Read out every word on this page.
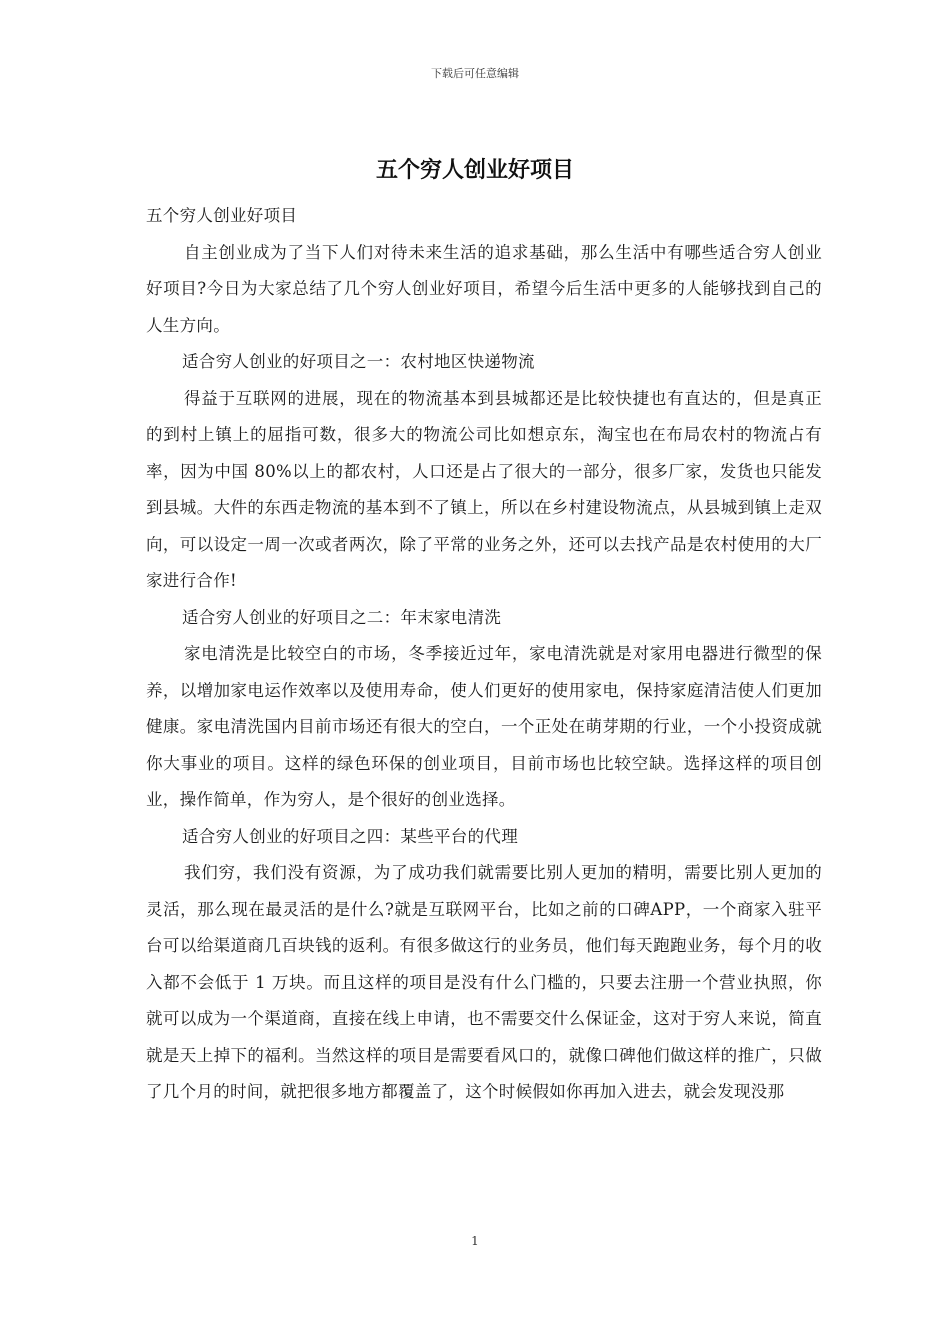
下载后可任意编辑
五个穷人创业好项目

五个穷人创业好项目

自主创业成为了当下人们对待未来生活的追求基础，那么生活中有哪些适合穷人创业好项目?今日为大家总结了几个穷人创业好项目，希望今后生活中更多的人能够找到自己的人生方向。

适合穷人创业的好项目之一：农村地区快递物流

得益于互联网的进展，现在的物流基本到县城都还是比较快捷也有直达的，但是真正的到村上镇上的屈指可数，很多大的物流公司比如想京东，淘宝也在布局农村的物流占有率，因为中国 80%以上的都农村，人口还是占了很大的一部分，很多厂家，发货也只能发到县城。大件的东西走物流的基本到不了镇上，所以在乡村建设物流点，从县城到镇上走双向，可以设定一周一次或者两次，除了平常的业务之外，还可以去找产品是农村使用的大厂家进行合作!

适合穷人创业的好项目之二：年末家电清洗

家电清洗是比较空白的市场，冬季接近过年，家电清洗就是对家用电器进行微型的保养，以增加家电运作效率以及使用寿命，使人们更好的使用家电，保持家庭清洁使人们更加健康。家电清洗国内目前市场还有很大的空白，一个正处在萌芽期的行业，一个小投资成就你大事业的项目。这样的绿色环保的创业项目，目前市场也比较空缺。选择这样的项目创业，操作简单，作为穷人，是个很好的创业选择。

适合穷人创业的好项目之四：某些平台的代理

我们穷，我们没有资源，为了成功我们就需要比别人更加的精明，需要比别人更加的灵活，那么现在最灵活的是什么?就是互联网平台，比如之前的口碑APP，一个商家入驻平台可以给渠道商几百块钱的返利。有很多做这行的业务员，他们每天跑跑业务，每个月的收入都不会低于 1 万块。而且这样的项目是没有什么门槛的，只要去注册一个营业执照，你就可以成为一个渠道商，直接在线上申请，也不需要交什么保证金，这对于穷人来说，简直就是天上掉下的福利。当然这样的项目是需要看风口的，就像口碑他们做这样的推广，只做了几个月的时间，就把很多地方都覆盖了，这个时候假如你再加入进去，就会发现没那

1
